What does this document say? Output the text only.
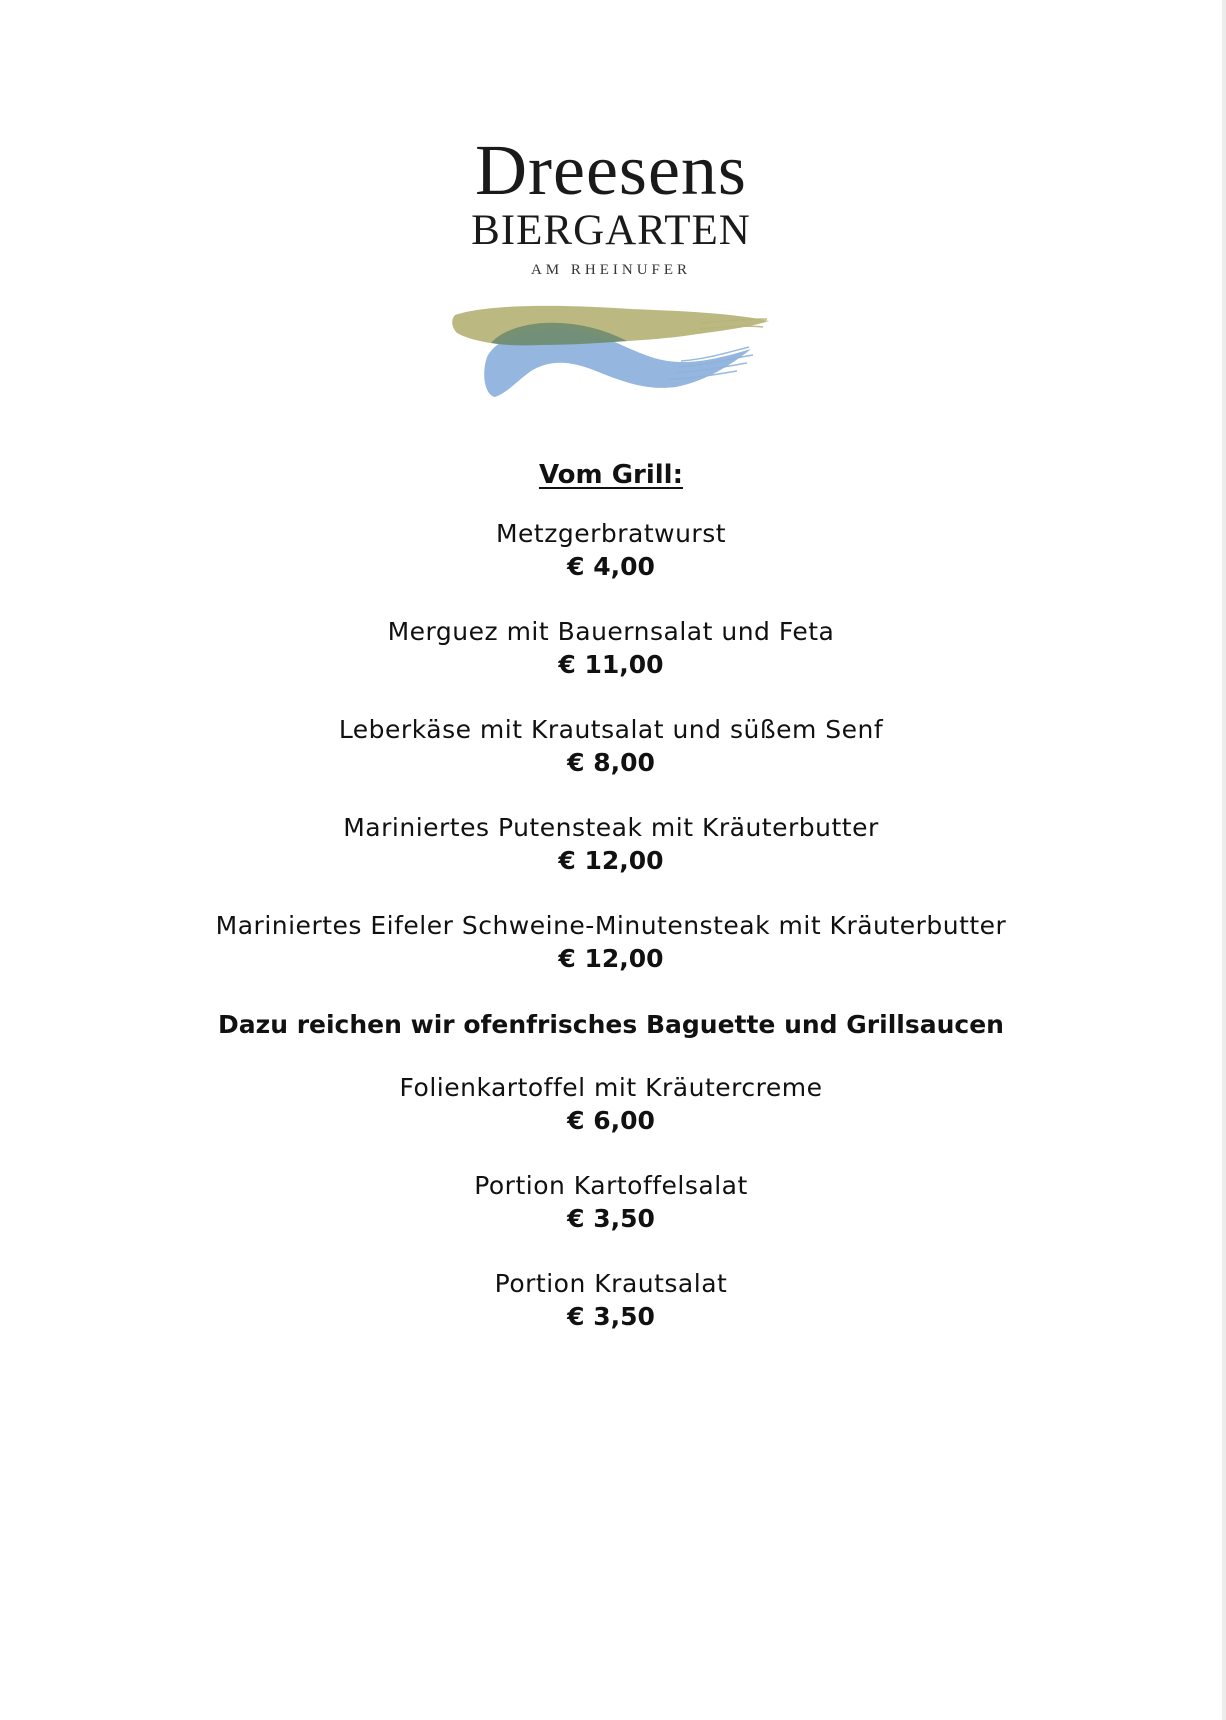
Dreesens
BIERGARTEN
AM RHEINUFER
Vom Grill:
Metzgerbratwurst
€ 4,00
Merguez mit Bauernsalat und Feta
€ 11,00
Leberkäse mit Krautsalat und süßem Senf
€ 8,00
Mariniertes Putensteak mit Kräuterbutter
€ 12,00
Mariniertes Eifeler Schweine-Minutensteak mit Kräuterbutter
€ 12,00
Dazu reichen wir ofenfrisches Baguette und Grillsaucen
Folienkartoffel mit Kräutercreme
€ 6,00
Portion Kartoffelsalat
€ 3,50
Portion Krautsalat
€ 3,50
